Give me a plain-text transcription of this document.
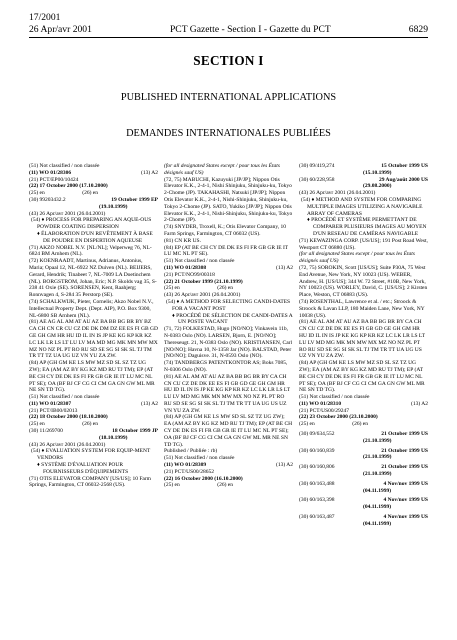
17/2001
26 Apr/avr 2001	PCT Gazette - Section I - Gazette du PCT	6829
SECTION I
PUBLISHED INTERNATIONAL APPLICATIONS
DEMANDES INTERNATIONALES PUBLIÉES
(51) Not classified / non classée
(11) WO 01/28306	(13) A2
(21) PCT/EP00/10424
(22) 17 October 2000 (17.10.2000)
(25) en	(26) en
(30) 99203432.2	19 October 1999 EP
(19.10.1999)
(43) 26 Apr/avr 2001 (26.04.2001)
(54) ♦ PROCESS FOR PREPARING AN AQUE-OUS POWDER COATING DISPERSION
♦ ÉLABORATION D'UN REVÊTEMENT À BASE DE POUDRE EN DISPERTION AQUEUSE
(71) AKZO NOBEL N.V. [NL/NL]; Velperweg 76, NL-6824 BM Arnhem (NL).
(72) KOENRAADT, Martinus, Adrianus, Antonius, Maria; Opaal 12, NL-6922 NZ Duiven (NL). BEIJERS, Gerard, Hendrik; Tinabeet 7, NL-7009 LA Doetinchem (NL). BORGSTROM, Johan, Eric; N.P. Skolds vag 35, S-238 41 Oxie (SE). SORENSEN, Kent, Raahjerg; Ronnvagen 4, S-284 35 Perstorp (SE).
(74) SCHALKWIJK, Pieter, Cornelis; Akzo Nobel N.V., Intellectual Property Dept. (Dept. AIP), P.O. Box 9300, NL-6800 SB Arnhem (NL).
(81) AE AG AL AM AT AU AZ BA BB BG BR BY BZ CA CH CN CR CU CZ DE DK DM DZ EE ES FI GB GD GE GH GM HR HU ID IL IN IS JP KE KG KP KR KZ LC LK LR LS LT LU LV MA MD MG MK MN MW MX MZ NO NZ PL PT RO RU SD SE SG SI SK SL TJ TM TR TT TZ UA UG UZ VN YU ZA ZW.
(84) AP (GH GM KE LS MW MZ SD SL SZ TZ UG ZW); EA (AM AZ BY KG KZ MD RU TJ TM); EP (AT BE CH CY DE DK ES FI FR GB GR IE IT LU MC NL PT SE); OA (BF BJ CF CG CI CM GA GN GW ML MR NE SN TD TG).
(51) Not classified / non classée
(11) WO 01/28307	(13) A2
(21) PCT/IB00/02013
(22) 18 October 2000 (18.10.2000)
(25) en	(26) en
(30) 11/269700	18 October 1999 JP
(18.10.1999)
(43) 26 Apr/avr 2001 (26.04.2001)
(54) ♦ EVALUATION SYSTEM FOR EQUIP-MENT VENDORS
♦ SYSTÈME D'ÉVALUATION POUR FOURNISSEURS D'ÉQUIPEMENTS
(71) OTIS ELEVATOR COMPANY [US/US]; 10 Farm Springs, Farmington, CT 06032-2568 (US).
(for all designated States except / pour tous les États désignés sauf US)
(72, 75) MABUCHI, Kazuyuki [JP/JP]; Nippon Otis Elevator K.K., 2-4-1, Nishi Shinjuku, Shinjuku-ku, Tokyo 2-Chome (JP). TAKAHASHI, Natsuki [JP/JP]; Nippon Otis Elevator K.K., 2-4-1, Nishi-Shinjuku, Shinjuku-ku, Tokyo 2-Chome (JP). SATO, Yukiko [JP/JP]; Nippon Otis Elevator K.K., 2-4-1, Nishi-Shinjuku, Shinjuku-ku, Tokyo 2-Chome (JP).
(74) SNYDER, Troxell, K.; Otis Elevator Company, 10 Farm Springs, Farmington, CT 06032 (US).
(81) CN KR US.
(84) EP (AT BE CH CY DE DK ES FI FR GB GR IE IT LU MC NL PT SE).
(51) Not classified / non classée
(11) WO 01/28308	(13) A2
(21) PCT/NO99/00318
(22) 21 October 1999 (21.10.1999)
(25) en	(26) en
(43) 26 Apr/avr 2001 (26.04.2001)
(54) ♦ A METHOD FOR SELECTING CANDI-DATES FOR A VACANT POST
♦ PROCÉDÉ DE SÉLECTION DE CANDI-DATES A UN POSTE VACANT
(71, 72) FOLKESTAD, Hugo [NO/NO]; Vinkavein 11b, N-0383 Oslo (NO). LARSEN, Bjorn, E. [NO/NO]; Thereseugt. 21, N-0383 Oslo (NO). KRISTIANSEN, Carl [NO/NO]; Havna 10, N-1358 Jar (NO). BALSTAD, Peter [NO/NO]; Daguisve. 31, N-0593 Oslo (NO).
(74) TANDBERGS PATENTKONTOR AS; Boks 7085, N-0306 Oslo (NO).
(81) AE AL AM AT AU AZ BA BB BG BR BY CA CH CN CU CZ DE DK EE ES FI GB GD GE GH GM HR HU ID IL IN IS JP KE KG KP KR KZ LC LK LR LS LT LU LV MD MG MK MN MW MX NO NZ PL PT RO RU SD SE SG SI SK SL TJ TM TR TT UA UG US UZ VN YU ZA ZW.
(84) AP (GH GM KE LS MW SD SL SZ TZ UG ZW); EA (AM AZ BY KG KZ MD RU TJ TM); EP (AT BE CH CY DE DK ES FI FR GB GR IE IT LU MC NL PT SE); OA (BF BJ CF CG CI CM GA GN GW ML MR NE SN TD TG).
Published / Publiée : rb)
(51) Not classified / non classée
(11) WO 01/28309	(13) A2
(21) PCT/US00/28652
(22) 16 October 2000 (16.10.2000)
(25) en	(26) en
(30) 09/419,274	15 October 1999 US
(15.10.1999)
(30) 60/228,958	29 Aug/août 2000 US
(29.08.2000)
(43) 26 Apr/avr 2001 (26.04.2001)
(54) ♦ METHOD AND SYSTEM FOR COMPARING MULTIPLE IMAGES UTILIZING A NAVIGABLE ARRAY OF CAMERAS
♦ PROCÉDÉ ET SYSTÈME PERMETTANT DE COMPARER PLUSIEURS IMAGES AU MOYEN D'UN RESEAU DE CAMÉRAS NAVIGABLE
(71) KEWAZINGA CORP. [US/US]; 191 Post Road West, Westport CT 06880 (US).
(for all designated States except / pour tous les États désignés sauf US)
(72, 75) SOROKIN, Scott [US/US]; Suite P30A, 75 West End Avenue, New York, NY 10023 (US). WEBER, Andrew, H. [US/US]; 344 W. 72 Street, #10B, New York, NY 10023 (US). WORLEY, David, C. [US/US]; 2 Kirsten Place, Weston, CT 06883 (US).
(74) ROSENTHAL, Lawrence et al. / etc.; Stroock & Stroock & Lavan LLP, 180 Maiden Lane, New York, NY 10038 (US).
(81) AE AL AM AT AU AZ BA BB BG BR BY CA CH CN CU CZ DE DK EE ES FI GB GD GE GH GM HR HU ID IL IN IS JP KE KG KP KR KZ LC LK LR LS LT LU LV MD MG MK MN MW MX MZ NO NZ PL PT RO RU SD SE SG SI SK SL TJ TM TR TT UA UG US UZ VN YU ZA ZW.
(84) AP (GH GM KE LS MW MZ SD SL SZ TZ UG ZW); EA (AM AZ BY KG KZ MD RU TJ TM); EP (AT BE CH CY DE DK ES FI FR GB GR IE IT LU MC NL PT SE); OA (BF BJ CF CG CI CM GA GN GW ML MR NE SN TD TG).
(51) Not classified / non classée
(11) WO 01/28310	(13) A2
(21) PCT/US00/29247
(22) 23 October 2000 (23.10.2000)
(25) en	(26) en
(30) 09/634,552	21 October 1999 US
(21.10.1999)
(30) 60/160,839	21 October 1999 US
(21.10.1999)
(30) 60/160,806	21 October 1999 US
(21.10.1999)
(30) 60/163,488	4 Nov/nov 1999 US
(04.11.1999)
(30) 60/163,398	4 Nov/nov 1999 US
(04.11.1999)
(30) 60/163,487	4 Nov/nov 1999 US
(04.11.1999)
